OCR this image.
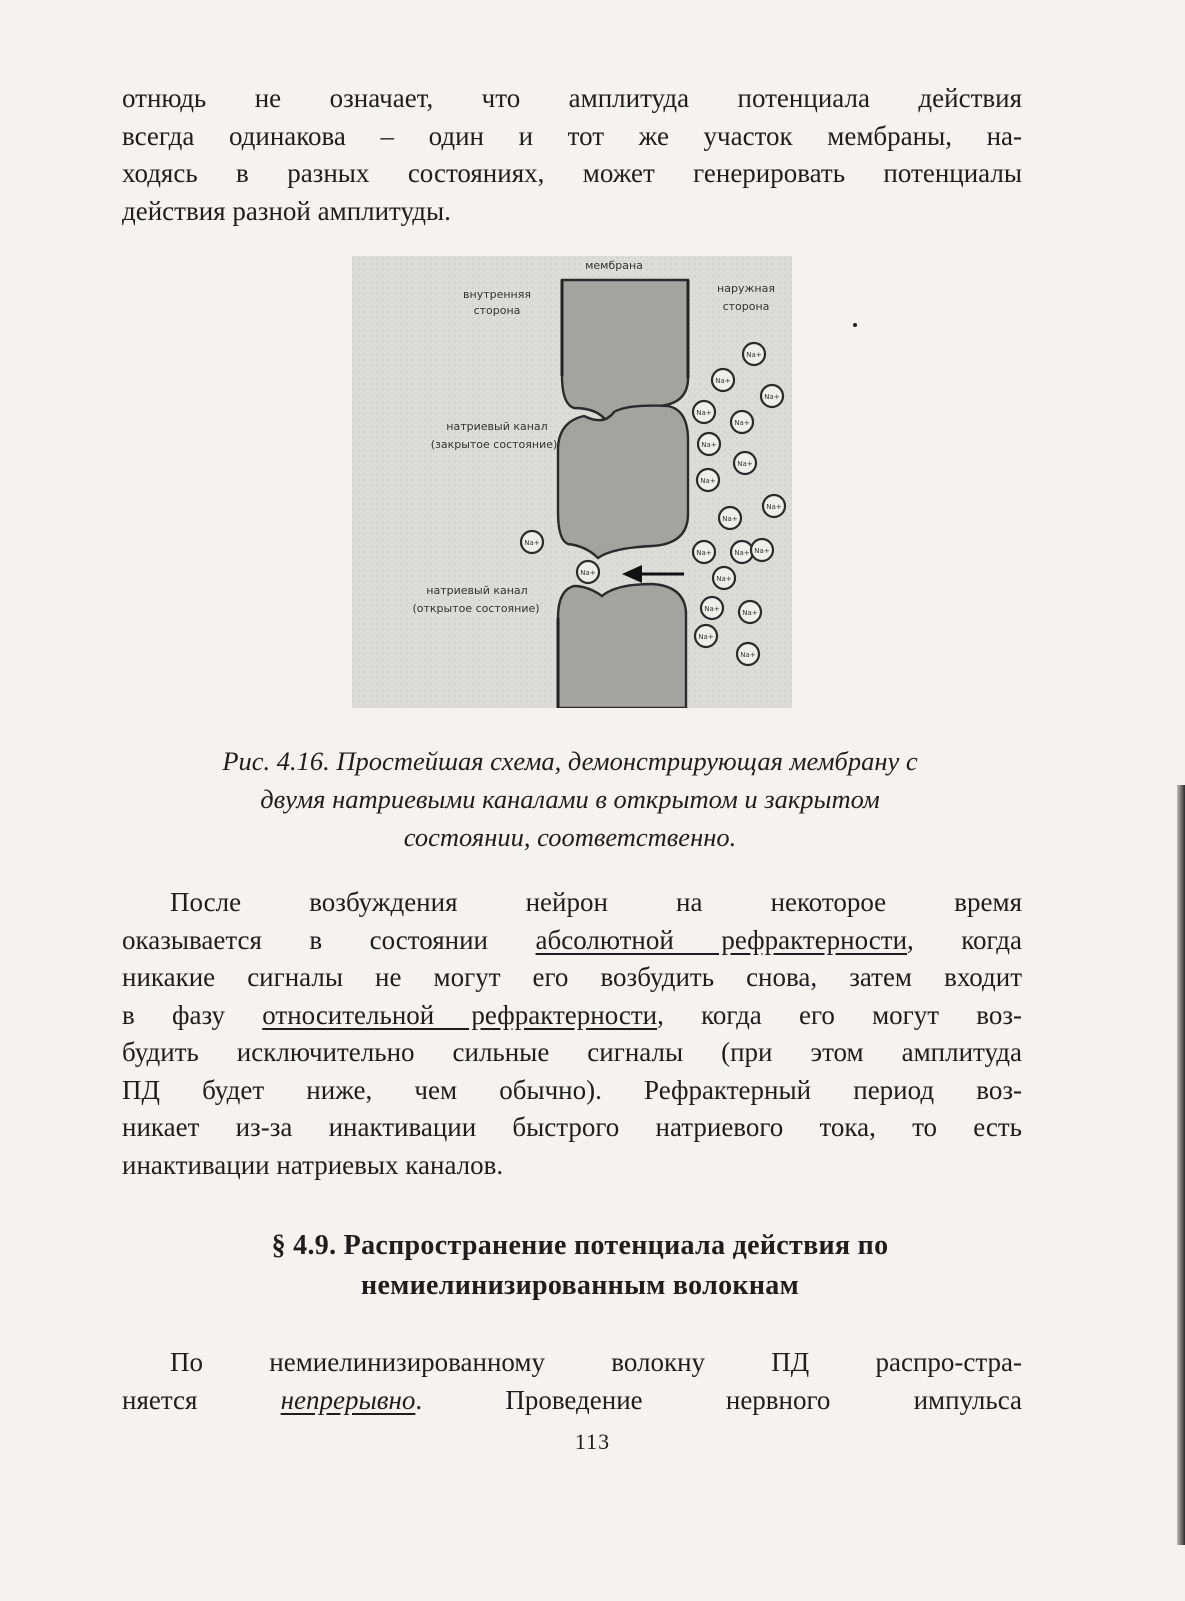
отнюдь не означает, что амплитуда потенциала действия
всегда одинакова – один и тот же участок мембраны, на-
ходясь в разных состояниях, может генерировать потенциалы
действия разной амплитуды.
мембрана
внутренняя
сторона
наружная
сторона
натриевый канал
(закрытое состояние)
натриевый канал
(открытое состояние)
Na+
Na+
Na+
Na+
Na+
Na+
Na+
Na+
Na+
Na+
Na+
Na+	Na+ Na+
Na+
Na+
Na+	Na+
Na+
Na+
Рис. 4.16. Простейшая схема, демонстрирующая мембрану с
двумя натриевыми каналами в открытом и закрытом
состоянии, соответственно.
После возбуждения нейрон на некоторое время
оказывается в состоянии абсолютной рефрактерности, когда
никакие сигналы не могут его возбудить снова, затем входит
в фазу относительной рефрактерности, когда его могут воз-
будить исключительно сильные сигналы (при этом амплитуда
ПД будет ниже, чем обычно). Рефрактерный период воз-
никает из-за инактивации быстрого натриевого тока, то есть
инактивации натриевых каналов.
§ 4.9. Распространение потенциала действия по
немиелинизированным волокнам
По немиелинизированному волокну ПД распро-стра-
няется непрерывно. Проведение нервного импульса
113
